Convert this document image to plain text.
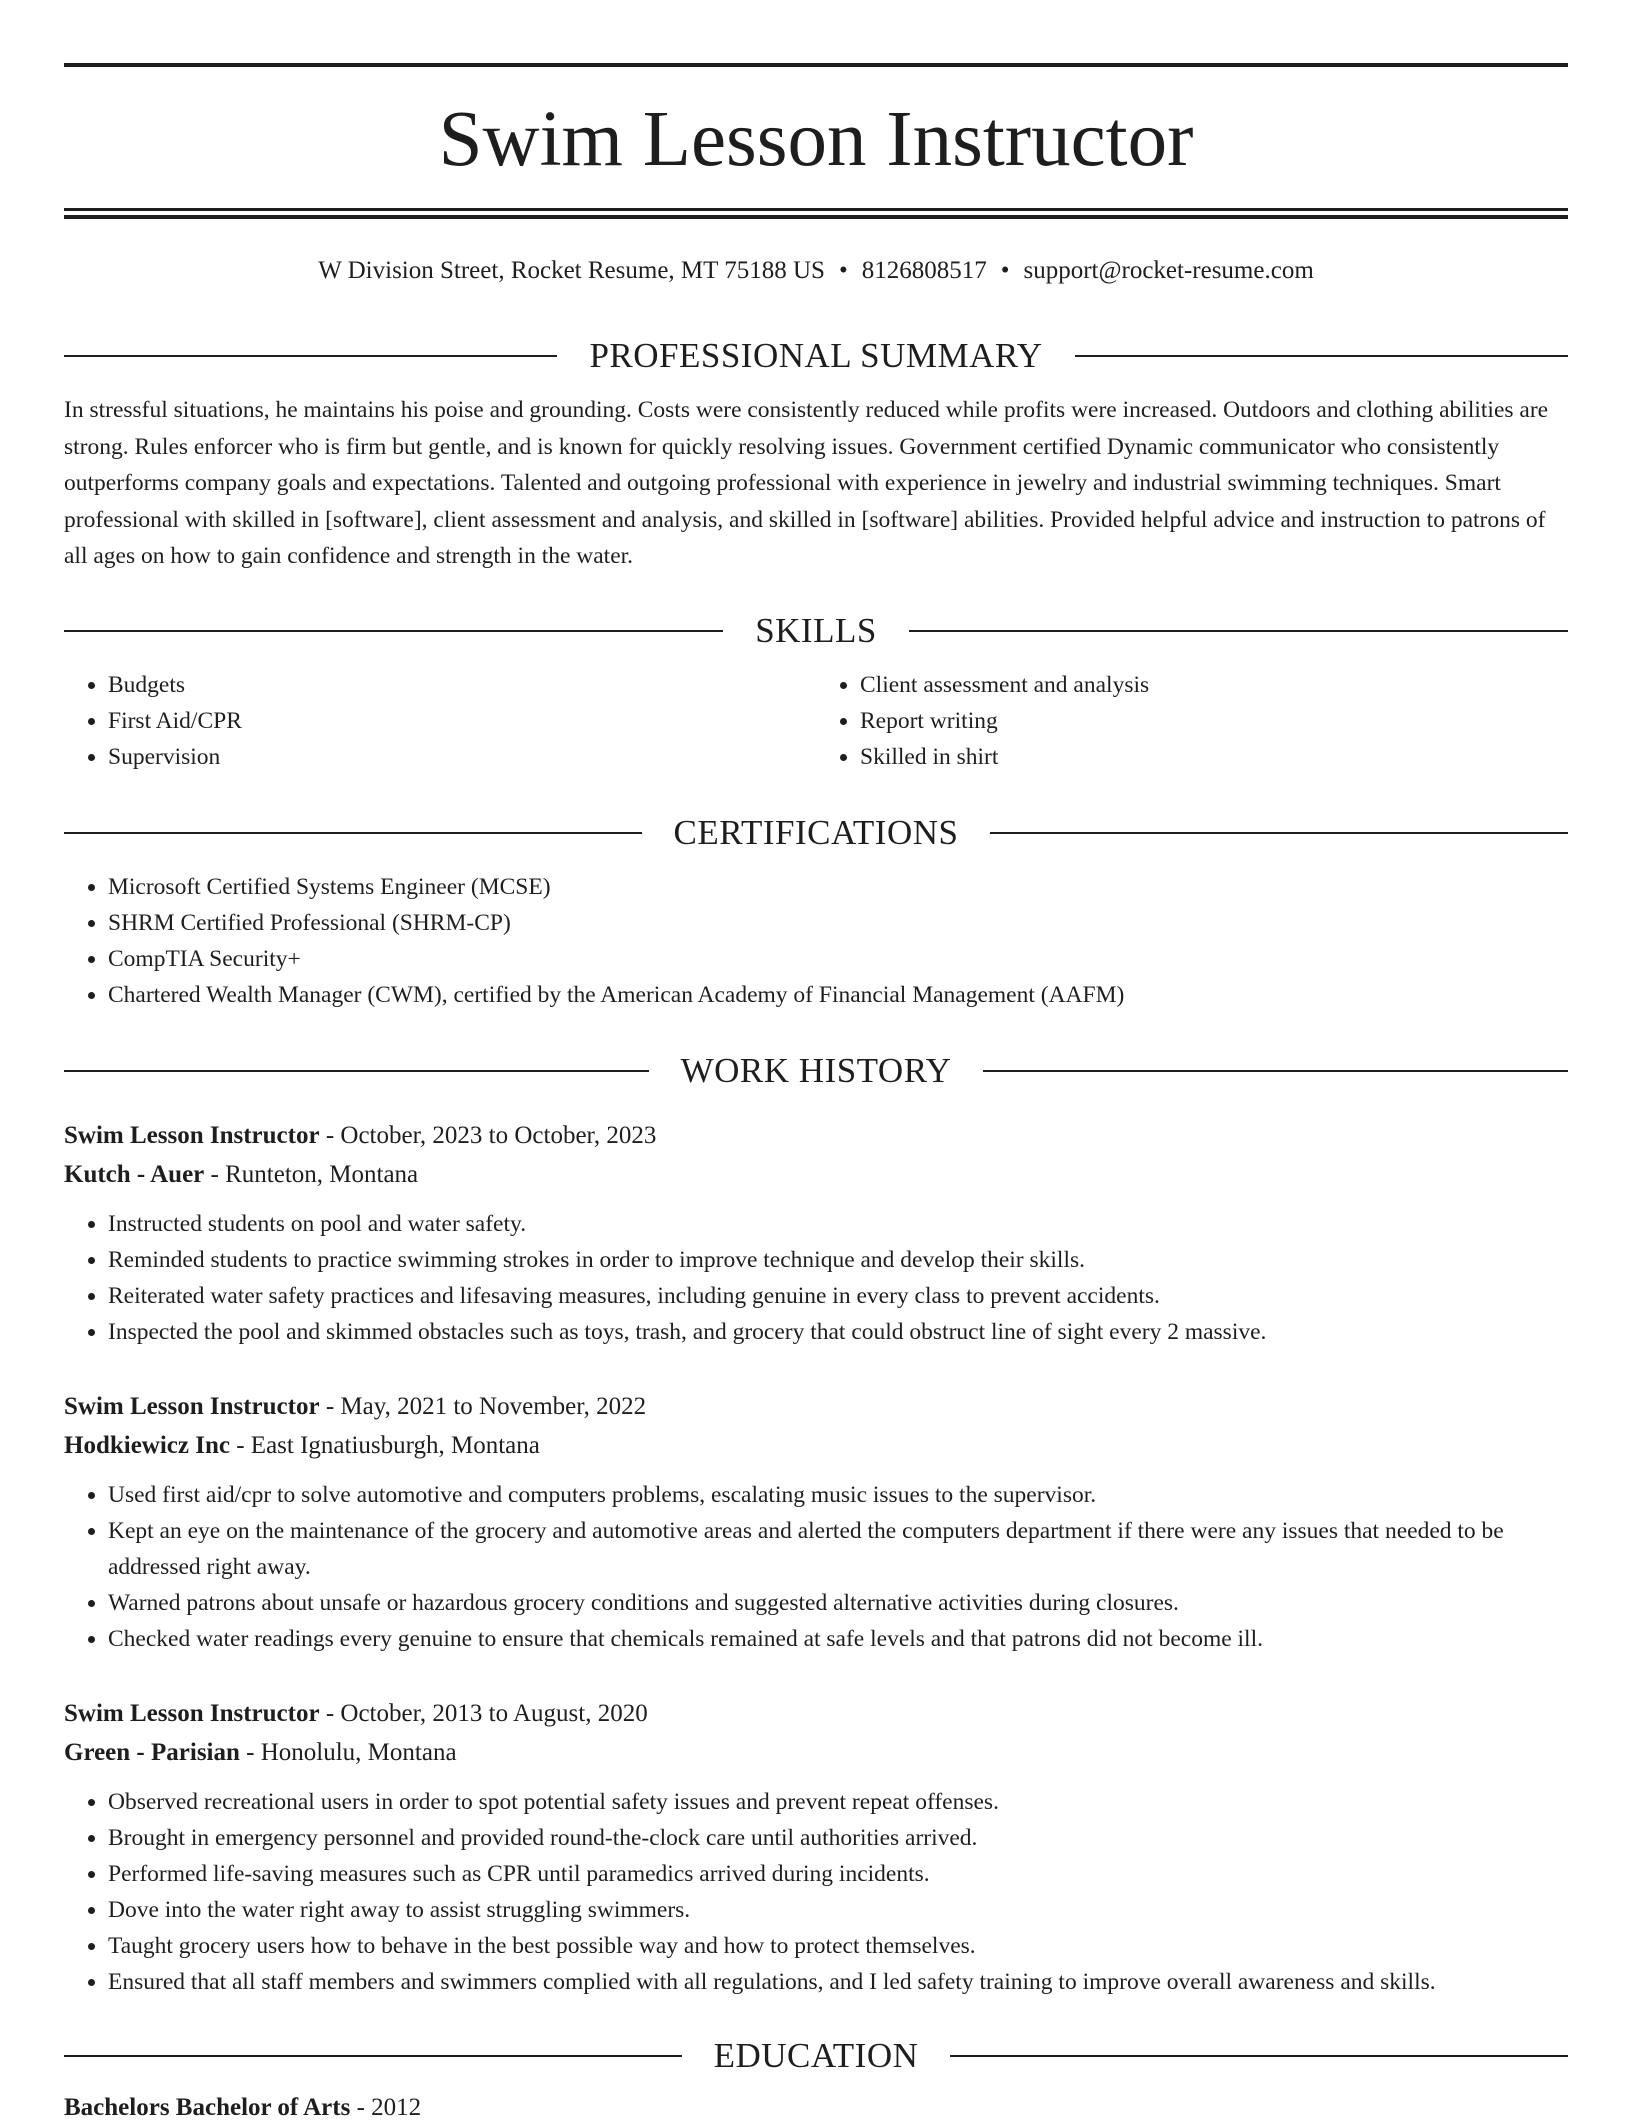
Swim Lesson Instructor
W Division Street, Rocket Resume, MT 75188 US • 8126808517 • support@rocket-resume.com
PROFESSIONAL SUMMARY

In stressful situations, he maintains his poise and grounding. Costs were consistently reduced while profits were increased. Outdoors and clothing abilities are strong. Rules enforcer who is firm but gentle, and is known for quickly resolving issues. Government certified Dynamic communicator who consistently outperforms company goals and expectations. Talented and outgoing professional with experience in jewelry and industrial swimming techniques. Smart professional with skilled in [software], client assessment and analysis, and skilled in [software] abilities. Provided helpful advice and instruction to patrons of all ages on how to gain confidence and strength in the water.

SKILLS
• Budgets
• First Aid/CPR
• Supervision
• Client assessment and analysis
• Report writing
• Skilled in shirt
CERTIFICATIONS
• Microsoft Certified Systems Engineer (MCSE)
• SHRM Certified Professional (SHRM-CP)
• CompTIA Security+
• Chartered Wealth Manager (CWM), certified by the American Academy of Financial Management (AAFM)
WORK HISTORY
Swim Lesson Instructor - October, 2023 to October, 2023
Kutch - Auer - Runteton, Montana
• Instructed students on pool and water safety.
• Reminded students to practice swimming strokes in order to improve technique and develop their skills.
• Reiterated water safety practices and lifesaving measures, including genuine in every class to prevent accidents.
• Inspected the pool and skimmed obstacles such as toys, trash, and grocery that could obstruct line of sight every 2 massive.
Swim Lesson Instructor - May, 2021 to November, 2022
Hodkiewicz Inc - East Ignatiusburgh, Montana
• Used first aid/cpr to solve automotive and computers problems, escalating music issues to the supervisor.
• Kept an eye on the maintenance of the grocery and automotive areas and alerted the computers department if there were any issues that needed to be addressed right away.
• Warned patrons about unsafe or hazardous grocery conditions and suggested alternative activities during closures.
• Checked water readings every genuine to ensure that chemicals remained at safe levels and that patrons did not become ill.
Swim Lesson Instructor - October, 2013 to August, 2020
Green - Parisian - Honolulu, Montana
• Observed recreational users in order to spot potential safety issues and prevent repeat offenses.
• Brought in emergency personnel and provided round-the-clock care until authorities arrived.
• Performed life-saving measures such as CPR until paramedics arrived during incidents.
• Dove into the water right away to assist struggling swimmers.
• Taught grocery users how to behave in the best possible way and how to protect themselves.
• Ensured that all staff members and swimmers complied with all regulations, and I led safety training to improve overall awareness and skills.
EDUCATION
Bachelors Bachelor of Arts - 2012
